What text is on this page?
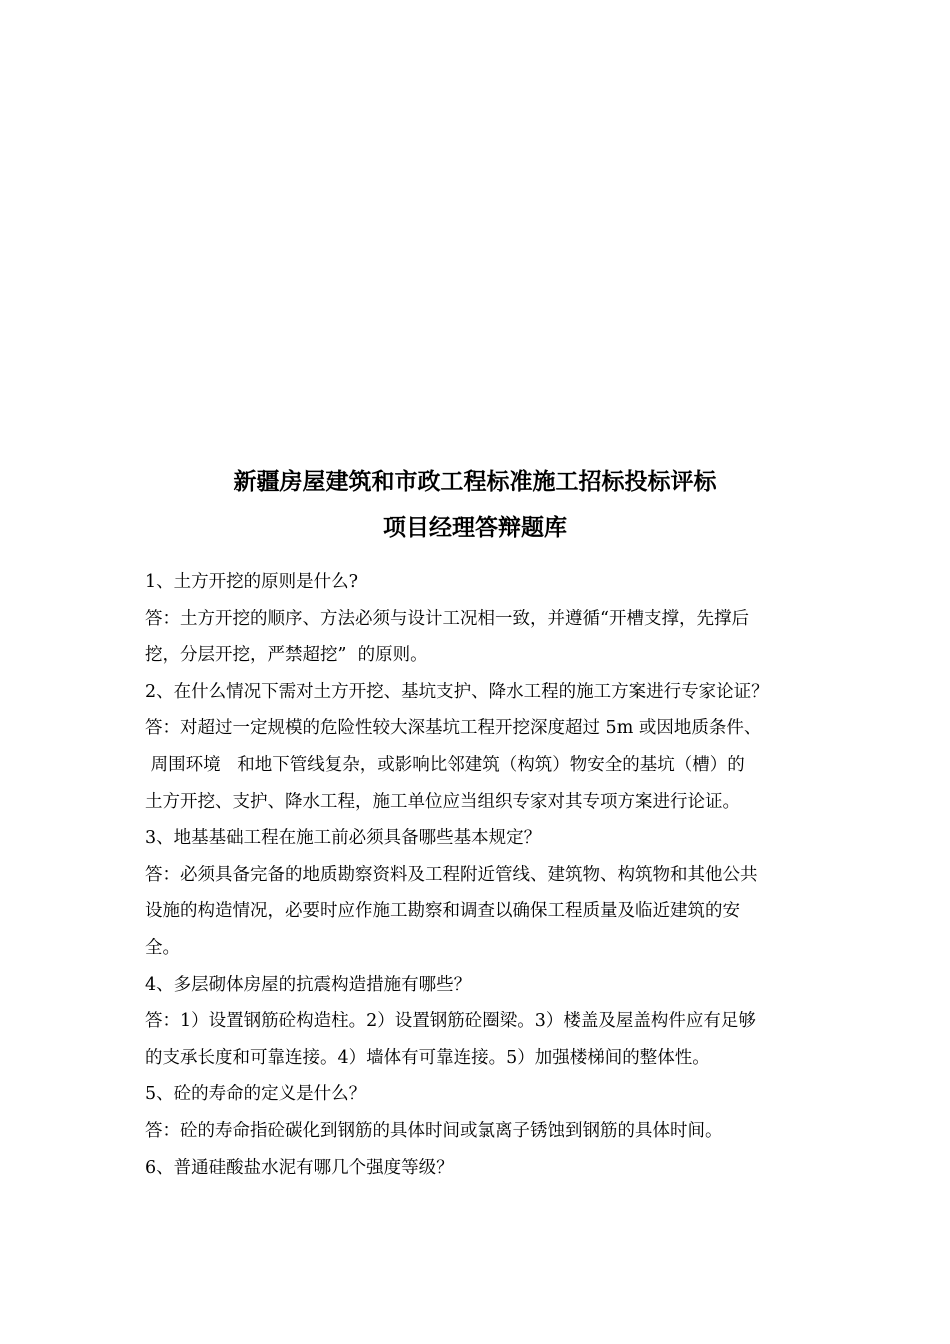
新疆房屋建筑和市政工程标准施工招标投标评标
项目经理答辩题库
1、土方开挖的原则是什么?
答：土方开挖的顺序、方法必须与设计工况相一致，并遵循“开槽支撑，先撑后
挖，分层开挖，严禁超挖”  的原则。
2、在什么情况下需对土方开挖、基坑支护、降水工程的施工方案进行专家论证？
答：对超过一定规模的危险性较大深基坑工程开挖深度超过 5m 或因地质条件、
周围环境   和地下管线复杂，或影响比邻建筑（构筑）物安全的基坑（槽）的
土方开挖、支护、降水工程，施工单位应当组织专家对其专项方案进行论证。
3、地基基础工程在施工前必须具备哪些基本规定？
答：必须具备完备的地质勘察资料及工程附近管线、建筑物、构筑物和其他公共
设施的构造情况，必要时应作施工勘察和调查以确保工程质量及临近建筑的安
全。
4、多层砌体房屋的抗震构造措施有哪些？
答：1）设置钢筋砼构造柱。2）设置钢筋砼圈梁。3）楼盖及屋盖构件应有足够
的支承长度和可靠连接。4）墙体有可靠连接。5）加强楼梯间的整体性。
5、砼的寿命的定义是什么？
答：砼的寿命指砼碳化到钢筋的具体时间或氯离子锈蚀到钢筋的具体时间。
6、普通硅酸盐水泥有哪几个强度等级？
